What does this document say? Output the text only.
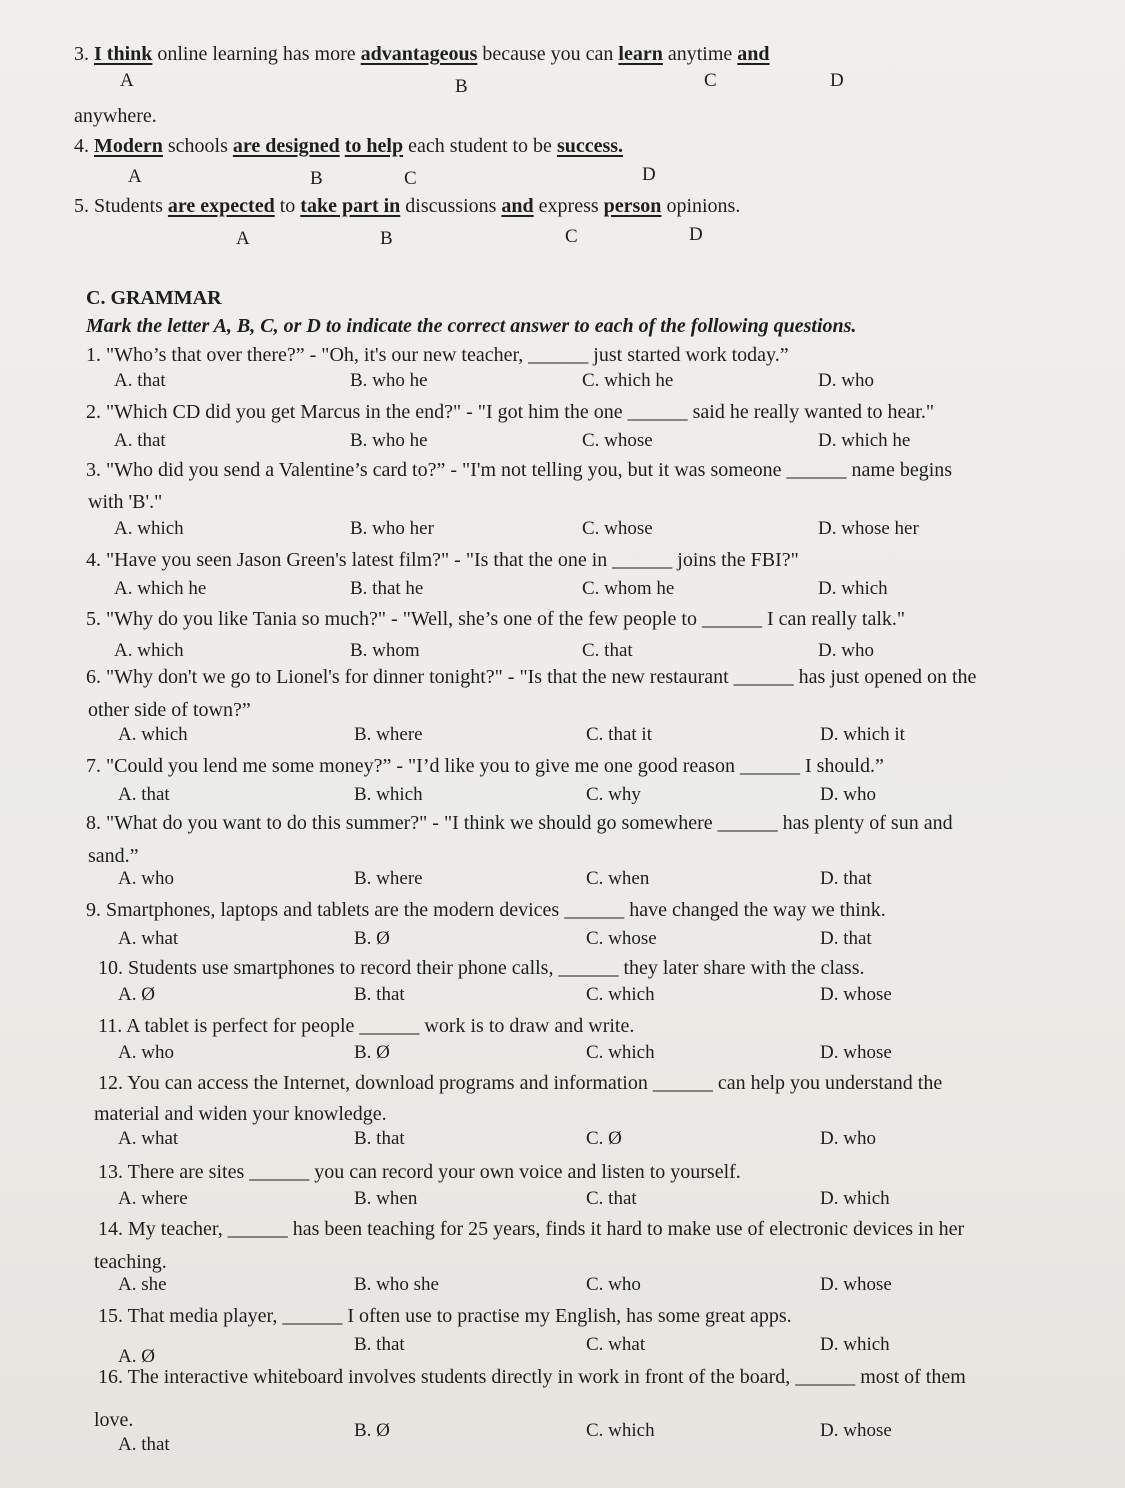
3. I think online learning has more advantageous because you can learn anytime and
A	B	C	D
anywhere.
4. Modern schools are designed to help each student to be success.
A	B	C	D
5. Students are expected to take part in discussions and express person opinions.
A	B	C	D
C. GRAMMAR
Mark the letter A, B, C, or D to indicate the correct answer to each of the following questions.
1. "Who’s that over there?” - "Oh, it's our new teacher, ______ just started work today.”
A. that	B. who he	C. which he	D. who
2. "Which CD did you get Marcus in the end?" - "I got him the one ______ said he really wanted to hear."
A. that	B. who he	C. whose	D. which he
3. "Who did you send a Valentine’s card to?” - "I'm not telling you, but it was someone ______ name begins
with 'B'."
A. which	B. who her	C. whose	D. whose her
4. "Have you seen Jason Green's latest film?" - "Is that the one in ______ joins the FBI?"
A. which he	B. that he	C. whom he	D. which
5. "Why do you like Tania so much?" - "Well, she’s one of the few people to ______ I can really talk."
A. which	B. whom	C. that	D. who
6. "Why don't we go to Lionel's for dinner tonight?" - "Is that the new restaurant ______ has just opened on the
other side of town?”
A. which	B. where	C. that it	D. which it
7. "Could you lend me some money?” - "I’d like you to give me one good reason ______ I should.”
A. that	B. which	C. why	D. who
8. "What do you want to do this summer?" - "I think we should go somewhere ______ has plenty of sun and
sand.”
A. who	B. where	C. when	D. that
9. Smartphones, laptops and tablets are the modern devices ______ have changed the way we think.
A. what	B. Ø	C. whose	D. that
10. Students use smartphones to record their phone calls, ______ they later share with the class.
A. Ø	B. that	C. which	D. whose
11. A tablet is perfect for people ______ work is to draw and write.
A. who	B. Ø	C. which	D. whose
12. You can access the Internet, download programs and information ______ can help you understand the
material and widen your knowledge.
A. what	B. that	C. Ø	D. who
13. There are sites ______ you can record your own voice and listen to yourself.
A. where	B. when	C. that	D. which
14. My teacher, ______ has been teaching for 25 years, finds it hard to make use of electronic devices in her
teaching.
A. she	B. who she	C. who	D. whose
15. That media player, ______ I often use to practise my English, has some great apps.
A. Ø
B. that	C. what	D. which
16. The interactive whiteboard involves students directly in work in front of the board, ______ most of them
love.
A. that
B. Ø	C. which	D. whose
